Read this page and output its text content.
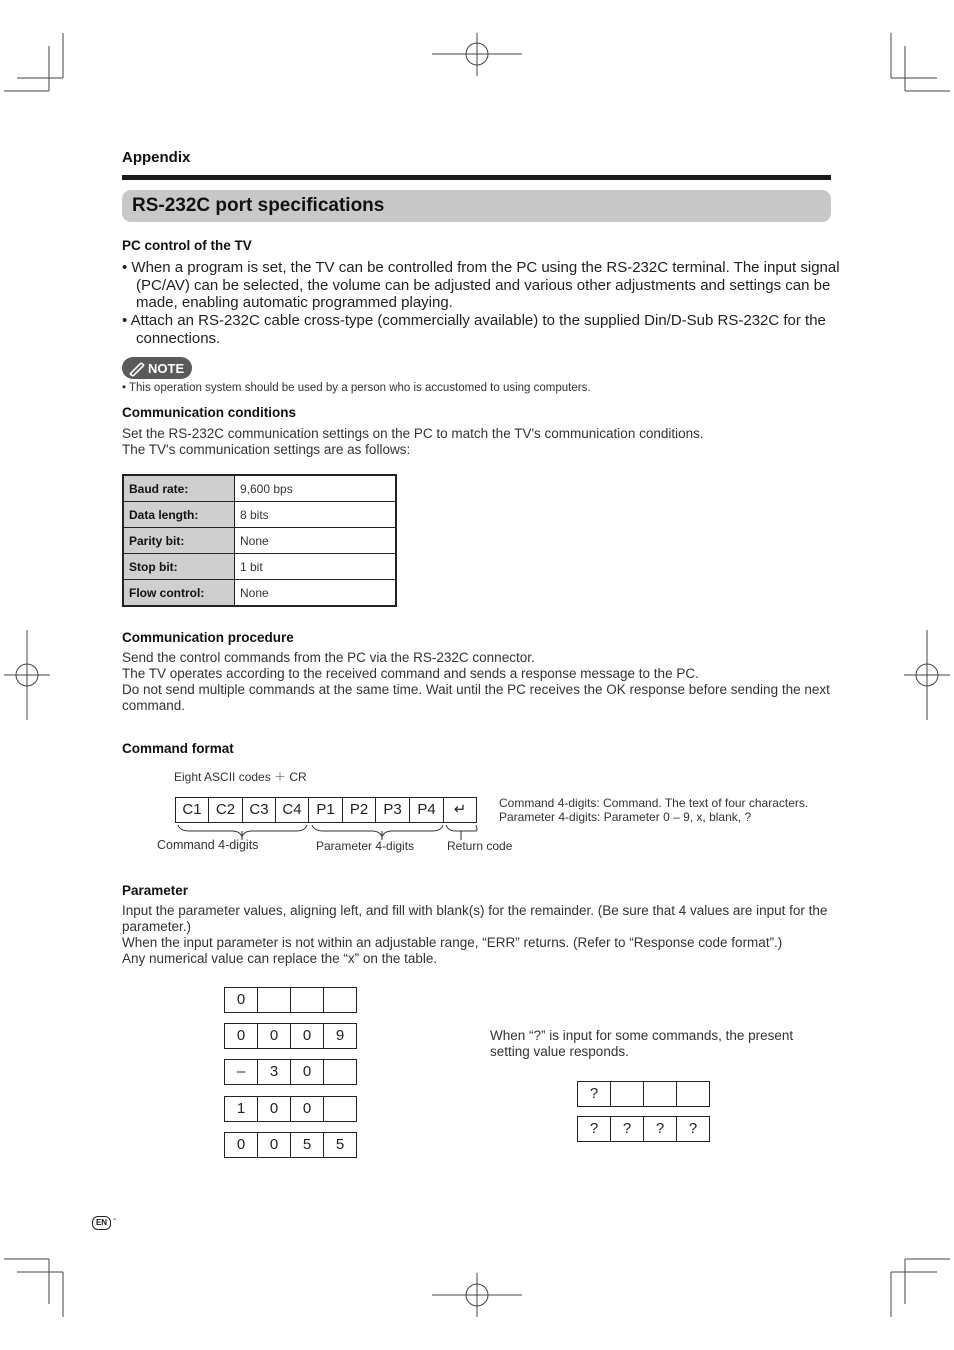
Appendix
RS-232C port specifications
PC control of the TV
• When a program is set, the TV can be controlled from the PC using the RS-232C terminal. The input signal (PC/AV) can be selected, the volume can be adjusted and various other adjustments and settings can be made, enabling automatic programmed playing.
• Attach an RS-232C cable cross-type (commercially available) to the supplied Din/D-Sub RS-232C for the connections.
NOTE
• This operation system should be used by a person who is accustomed to using computers.
Communication conditions
Set the RS-232C communication settings on the PC to match the TV's communication conditions.
The TV's communication settings are as follows:
Baud rate:	9,600 bps
Data length:	8 bits
Parity bit:	None
Stop bit:	1 bit
Flow control:	None
Communication procedure
Send the control commands from the PC via the RS-232C connector.
The TV operates according to the received command and sends a response message to the PC.
Do not send multiple commands at the same time. Wait until the PC receives the OK response before sending the next command.
Command format
Eight ASCII codes ＋ CR
C1 C2 C3 C4 P1	P2	P3	P4	↵
Command 4-digits	Parameter 4-digits	Return code
Command 4-digits: Command. The text of four characters.
Parameter 4-digits: Parameter 0 – 9, x, blank, ?
Parameter
Input the parameter values, aligning left, and fill with blank(s) for the remainder. (Be sure that 4 values are input for the parameter.)
When the input parameter is not within an adjustable range, “ERR” returns. (Refer to “Response code format”.)
Any numerical value can replace the “x” on the table.
0
0	0	0	9
–	3	0
1	0	0
0	0	5	5
When “?” is input for some commands, the present setting value responds.
?
?	?	?	?
EN -
